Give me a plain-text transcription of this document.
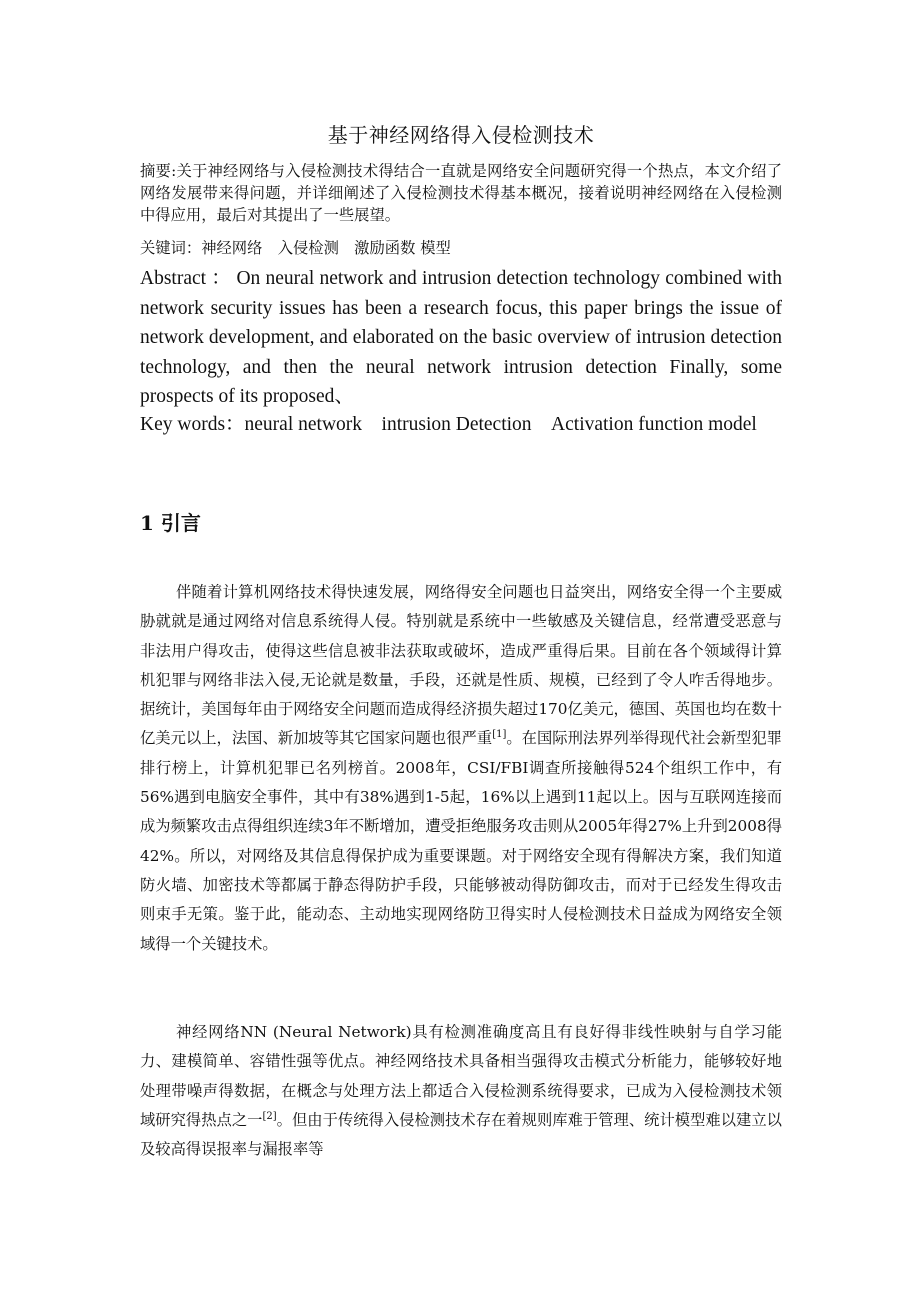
基于神经网络得入侵检测技术

摘要:关于神经网络与入侵检测技术得结合一直就是网络安全问题研究得一个热点，本文介绍了网络发展带来得问题，并详细阐述了入侵检测技术得基本概况，接着说明神经网络在入侵检测中得应用，最后对其提出了一些展望。

关键词：神经网络　入侵检测　激励函数 模型

Abstract ： On neural network and intrusion detection technology combined with network security issues has been a research focus, this paper brings the issue of network development, and elaborated on the basic overview of intrusion detection technology, and then the neural network intrusion detection Finally, some prospects of its proposed、

Key words：neural network　intrusion Detection　Activation function model

1 引言

伴随着计算机网络技术得快速发展，网络得安全问题也日益突出，网络安全得一个主要威胁就就是通过网络对信息系统得人侵。特别就是系统中一些敏感及关键信息，经常遭受恶意与非法用户得攻击，使得这些信息被非法获取或破坏，造成严重得后果。目前在各个领域得计算机犯罪与网络非法入侵,无论就是数量，手段，还就是性质、规模，已经到了令人咋舌得地步。据统计，美国每年由于网络安全问题而造成得经济损失超过170亿美元，德国、英国也均在数十亿美元以上，法国、新加坡等其它国家问题也很严重[1]。在国际刑法界列举得现代社会新型犯罪排行榜上，计算机犯罪已名列榜首。2008年，CSI/FBI调查所接触得524个组织工作中，有56%遇到电脑安全事件，其中有38%遇到1-5起，16%以上遇到11起以上。因与互联网连接而成为频繁攻击点得组织连续3年不断增加，遭受拒绝服务攻击则从2005年得27%上升到2008得42%。所以，对网络及其信息得保护成为重要课题。对于网络安全现有得解决方案，我们知道防火墙、加密技术等都属于静态得防护手段，只能够被动得防御攻击，而对于已经发生得攻击则束手无策。鉴于此，能动态、主动地实现网络防卫得实时人侵检测技术日益成为网络安全领域得一个关键技术。

神经网络NN (Neural Network)具有检测准确度高且有良好得非线性映射与自学习能力、建模简单、容错性强等优点。神经网络技术具备相当强得攻击模式分析能力，能够较好地处理带噪声得数据，在概念与处理方法上都适合入侵检测系统得要求，已成为入侵检测技术领域研究得热点之一[2]。但由于传统得入侵检测技术存在着规则库难于管理、统计模型难以建立以及较高得误报率与漏报率等
